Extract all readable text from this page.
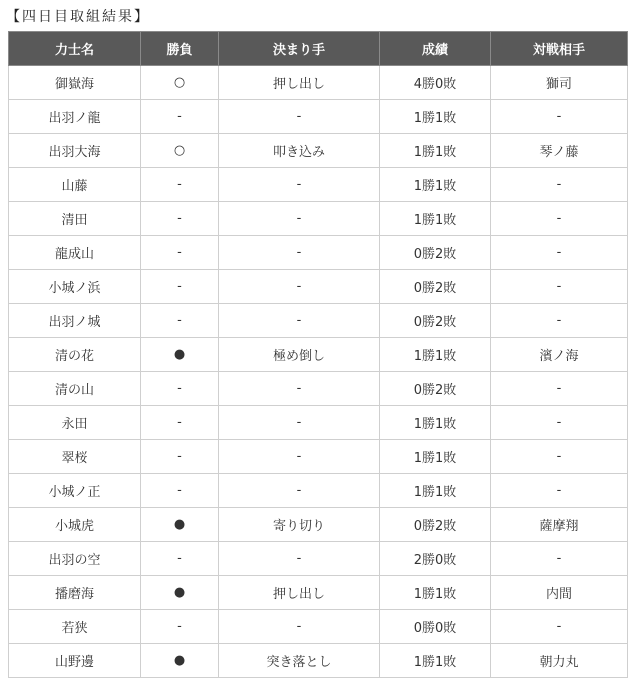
【四日目取組結果】
力士名	勝負	決まり手	成績	対戦相手
御嶽海	○	押し出し	4勝0敗	獅司
出羽ノ龍	-	-	1勝1敗	-
出羽大海	○	叩き込み	1勝1敗	琴ノ藤
山藤	-	-	1勝1敗	-
清田	-	-	1勝1敗	-
龍成山	-	-	0勝2敗	-
小城ノ浜	-	-	0勝2敗	-
出羽ノ城	-	-	0勝2敗	-
清の花	●	極め倒し	1勝1敗	濱ノ海
清の山	-	-	0勝2敗	-
永田	-	-	1勝1敗	-
翠桜	-	-	1勝1敗	-
小城ノ正	-	-	1勝1敗	-
小城虎	●	寄り切り	0勝2敗	薩摩翔
出羽の空	-	-	2勝0敗	-
播磨海	●	押し出し	1勝1敗	内間
若狭	-	-	0勝0敗	-
山野邊	●	突き落とし	1勝1敗	朝力丸
